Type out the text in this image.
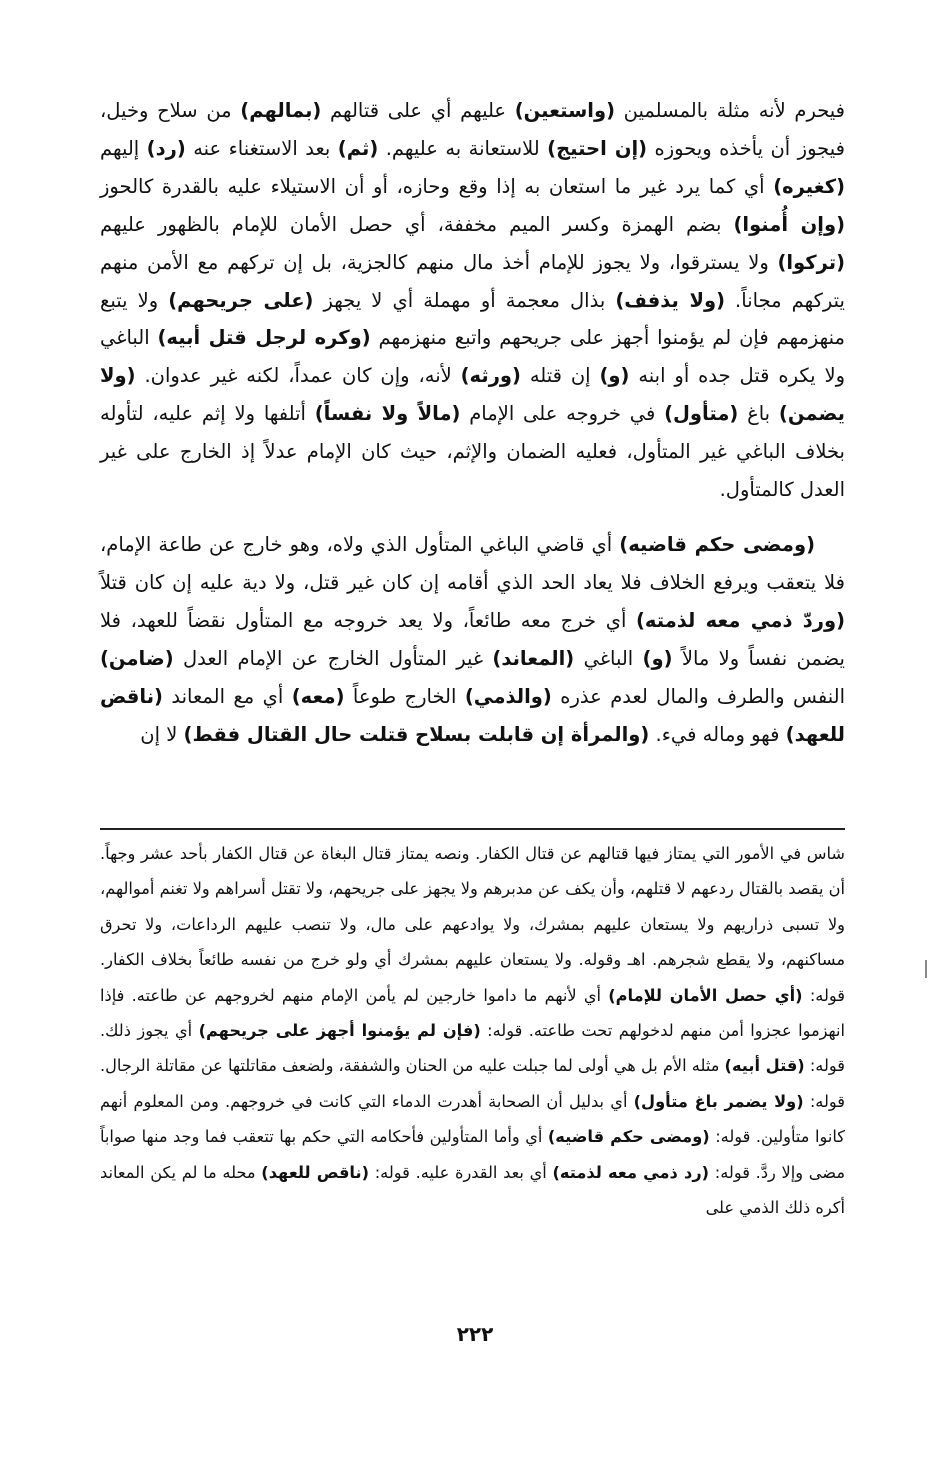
فيحرم لأنه مثلة بالمسلمين (واستعين) عليهم أي على قتالهم (بمالهم) من سلاح وخيل، فيجوز أن يأخذه ويحوزه (إن احتيج) للاستعانة به عليهم. (ثم) بعد الاستغناء عنه (رد) إليهم (كغيره) أي كما يرد غير ما استعان به إذا وقع وحازه، أو أن الاستيلاء عليه بالقدرة كالحوز (وإن أُمنوا) بضم الهمزة وكسر الميم مخففة، أي حصل الأمان للإمام بالظهور عليهم (تركوا) ولا يسترقوا، ولا يجوز للإمام أخذ مال منهم كالجزية، بل إن تركهم مع الأمن منهم يتركهم مجاناً. (ولا يذفف) بذال معجمة أو مهملة أي لا يجهز (على جريحهم) ولا يتبع منهزمهم فإن لم يؤمنوا أجهز على جريحهم واتبع منهزمهم (وكره لرجل قتل أبيه) الباغي ولا يكره قتل جده أو ابنه (و) إن قتله (ورثه) لأنه، وإن كان عمداً، لكنه غير عدوان. (ولا يضمن) باغ (متأول) في خروجه على الإمام (مالاً ولا نفساً) أتلفها ولا إثم عليه، لتأوله بخلاف الباغي غير المتأول، فعليه الضمان والإثم، حيث كان الإمام عدلاً إذ الخارج على غير العدل كالمتأول.

(ومضى حكم قاضيه) أي قاضي الباغي المتأول الذي ولاه، وهو خارج عن طاعة الإمام، فلا يتعقب ويرفع الخلاف فلا يعاد الحد الذي أقامه إن كان غير قتل، ولا دية عليه إن كان قتلاً (وردّ ذمي معه لذمته) أي خرج معه طائعاً، ولا يعد خروجه مع المتأول نقضاً للعهد، فلا يضمن نفساً ولا مالاً (و) الباغي (المعاند) غير المتأول الخارج عن الإمام العدل (ضامن) النفس والطرف والمال لعدم عذره (والذمي) الخارج طوعاً (معه) أي مع المعاند (ناقض للعهد) فهو وماله فيء. (والمرأة إن قابلت بسلاح قتلت حال القتال فقط) لا إن

شاس في الأمور التي يمتاز فيها قتالهم عن قتال الكفار. ونصه يمتاز قتال البغاة عن قتال الكفار بأحد عشر وجهاً. أن يقصد بالقتال ردعهم لا قتلهم، وأن يكف عن مدبرهم ولا يجهز على جريحهم، ولا تقتل أسراهم ولا تغنم أموالهم، ولا تسبى ذراريهم ولا يستعان عليهم بمشرك، ولا يوادعهم على مال، ولا تنصب عليهم الرداعات، ولا تحرق مساكنهم، ولا يقطع شجرهم. اهـ وقوله. ولا يستعان عليهم بمشرك أي ولو خرج من نفسه طائعاً بخلاف الكفار. قوله: (أي حصل الأمان للإمام) أي لأنهم ما داموا خارجين لم يأمن الإمام منهم لخروجهم عن طاعته. فإذا انهزموا عجزوا أمن منهم لدخولهم تحت طاعته. قوله: (فإن لم يؤمنوا أجهز على جريحهم) أي يجوز ذلك. قوله: (قتل أبيه) مثله الأم بل هي أولى لما جبلت عليه من الحنان والشفقة، ولضعف مقاتلتها عن مقاتلة الرجال. قوله: (ولا يضمر باغ متأول) أي بدليل أن الصحابة أهدرت الدماء التي كانت في خروجهم. ومن المعلوم أنهم كانوا متأولين. قوله: (ومضى حكم قاضيه) أي وأما المتأولين فأحكامه التي حكم بها تتعقب فما وجد منها صواباً مضى وإلا ردَّ. قوله: (رد ذمي معه لذمته) أي بعد القدرة عليه. قوله: (ناقص للعهد) محله ما لم يكن المعاند أكره ذلك الذمي على

٢٢٢
